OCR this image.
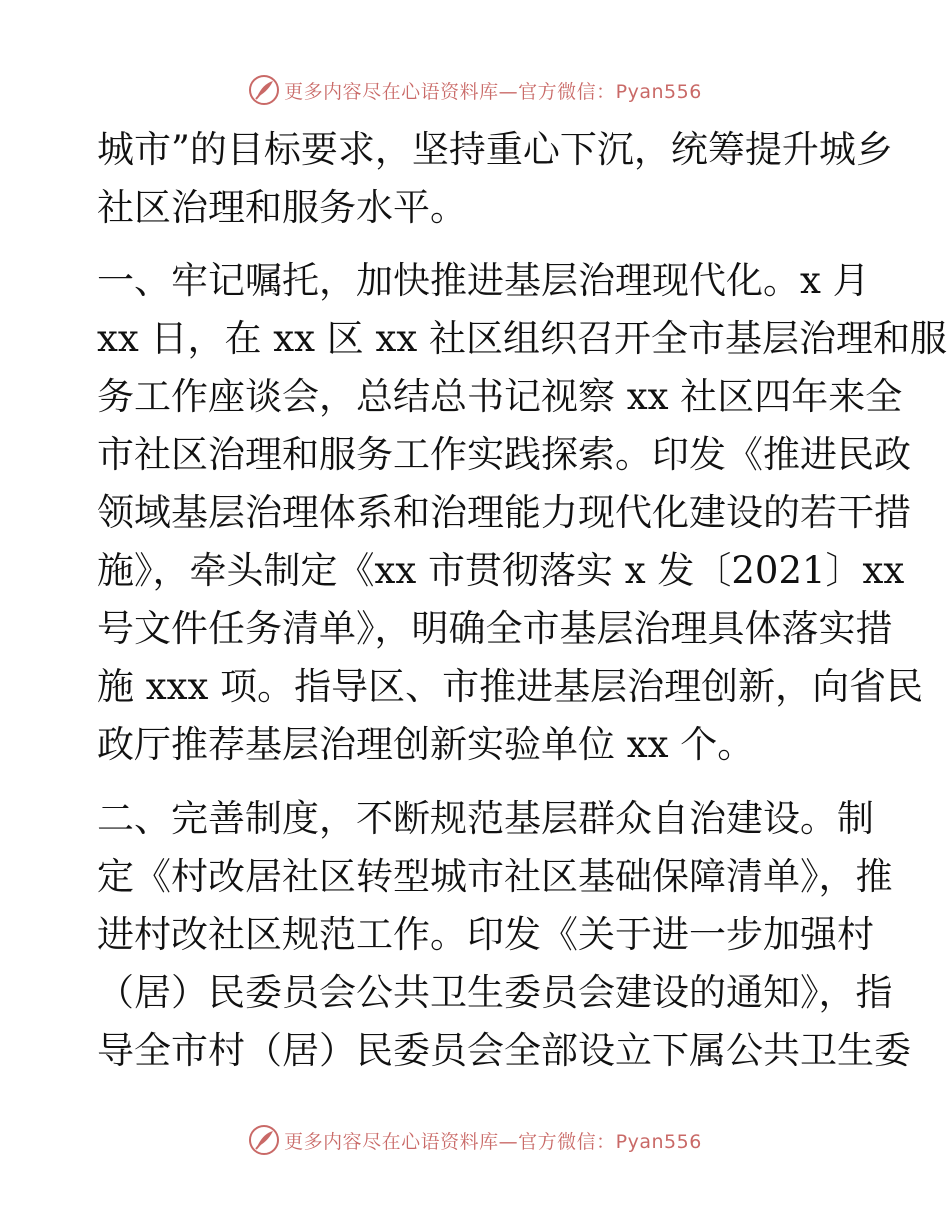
更多内容尽在心语资料库—官方微信：Pyan556
城市”的目标要求，坚持重心下沉，统筹提升城乡
社区治理和服务水平。
一、牢记嘱托，加快推进基层治理现代化。x 月
xx 日，在 xx 区 xx 社区组织召开全市基层治理和服
务工作座谈会，总结总书记视察 xx 社区四年来全
市社区治理和服务工作实践探索。印发《推进民政
领域基层治理体系和治理能力现代化建设的若干措
施》，牵头制定《xx 市贯彻落实 x 发〔2021〕xx
号文件任务清单》，明确全市基层治理具体落实措
施 xxx 项。指导区、市推进基层治理创新，向省民
政厅推荐基层治理创新实验单位 xx 个。
二、完善制度，不断规范基层群众自治建设。制
定《村改居社区转型城市社区基础保障清单》，推
进村改社区规范工作。印发《关于进一步加强村
（居）民委员会公共卫生委员会建设的通知》，指
导全市村（居）民委员会全部设立下属公共卫生委
更多内容尽在心语资料库—官方微信：Pyan556
